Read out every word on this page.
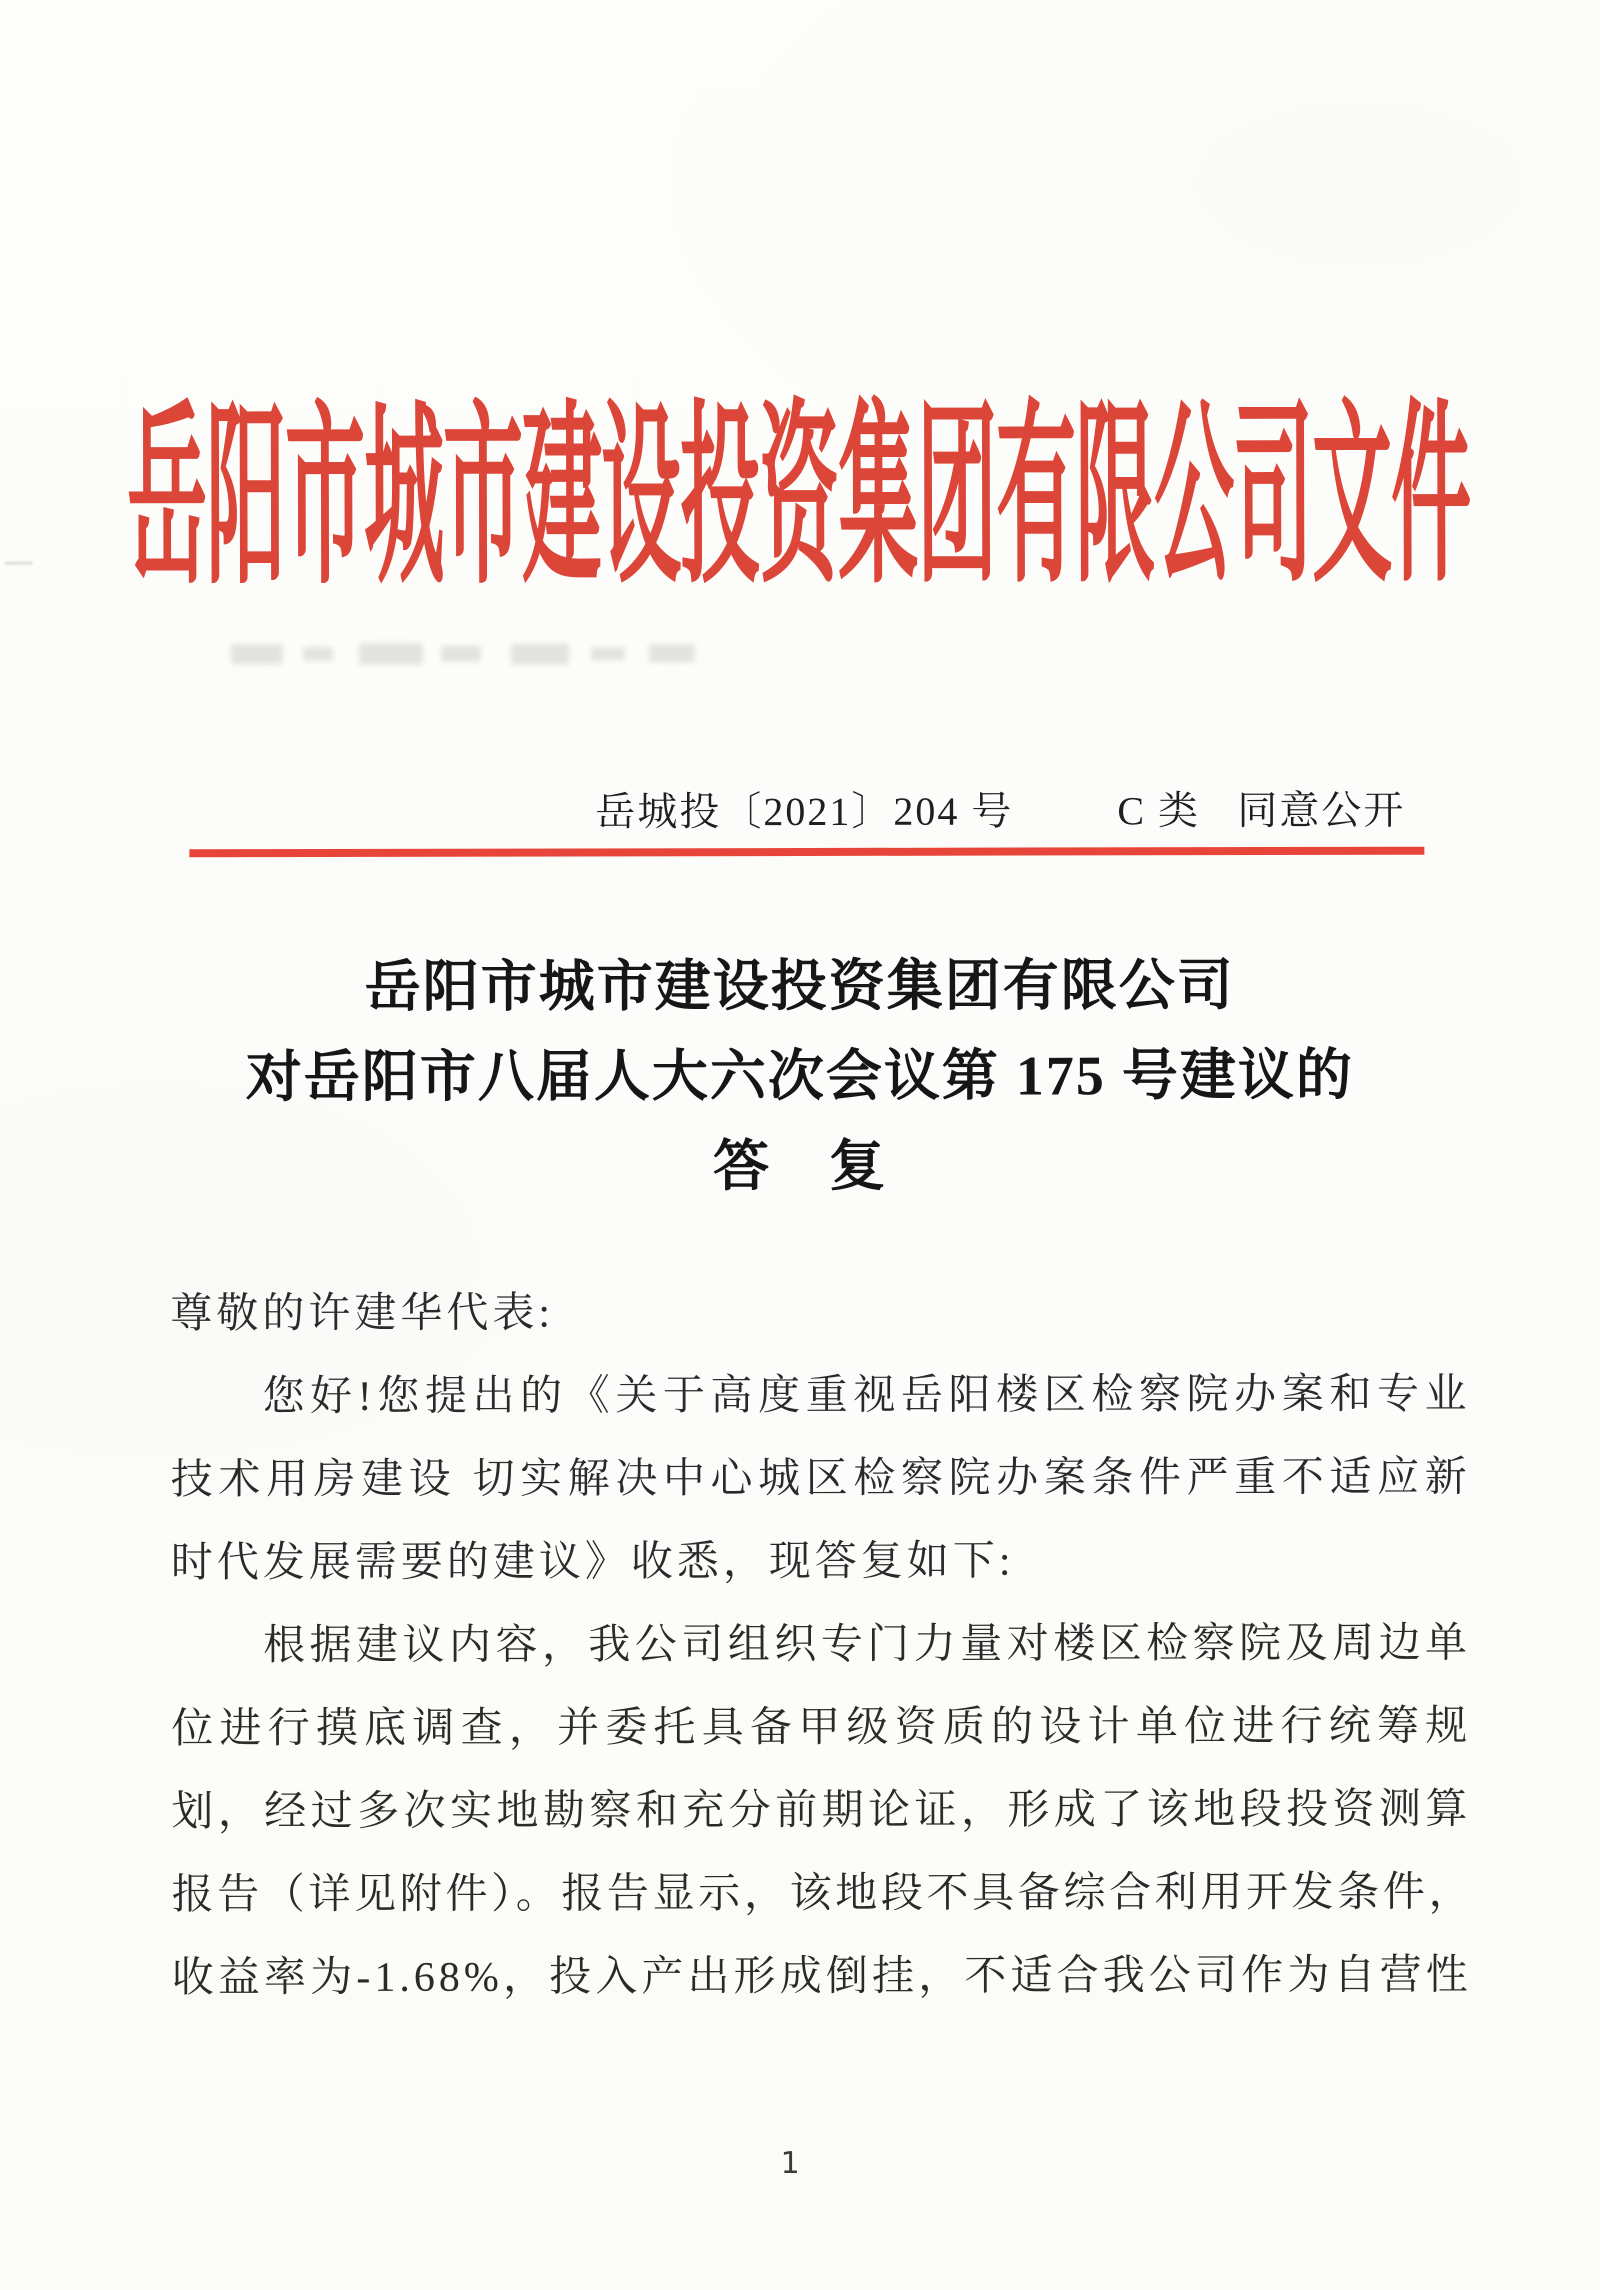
岳阳市城市建设投资集团有限公司文件

岳城投〔2021〕204 号	C 类 同意公开
岳阳市城市建设投资集团有限公司
对岳阳市八届人大六次会议第 175 号建议的
答　复
尊敬的许建华代表:
您好!您提出的《关于高度重视岳阳楼区检察院办案和专业
技术用房建设 切实解决中心城区检察院办案条件严重不适应新
时代发展需要的建议》收悉，现答复如下:
根据建议内容，我公司组织专门力量对楼区检察院及周边单
位进行摸底调查，并委托具备甲级资质的设计单位进行统筹规
划，经过多次实地勘察和充分前期论证，形成了该地段投资测算
报告（详见附件）。报告显示，该地段不具备综合利用开发条件，
收益率为-1.68%，投入产出形成倒挂，不适合我公司作为自营性
1
